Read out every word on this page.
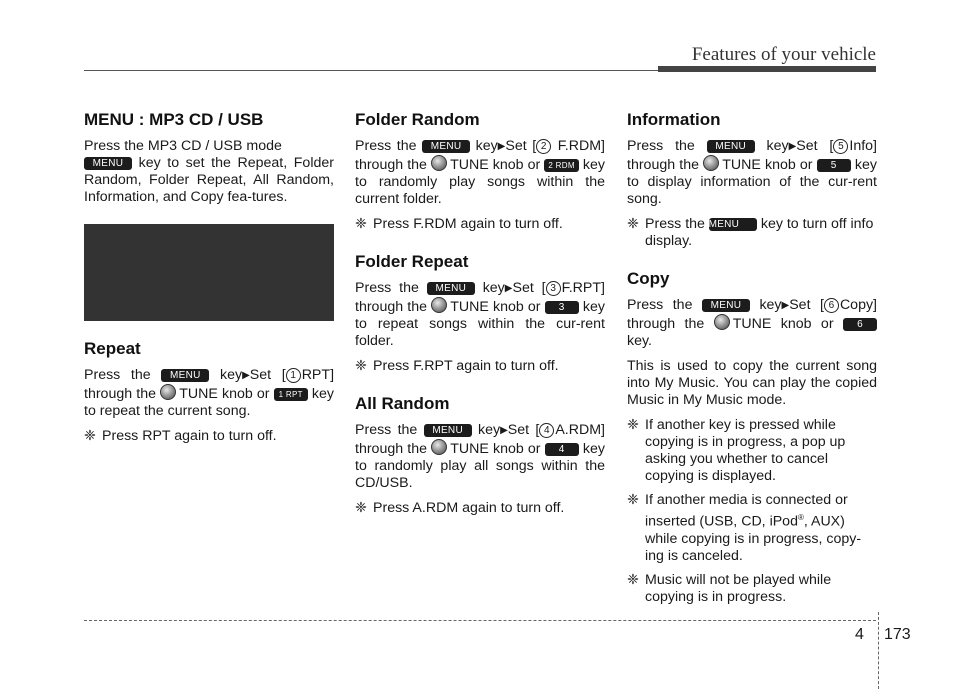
Features of your vehicle
MENU : MP3 CD / USB

Press the MP3 CD / USB mode
MENU key to set the Repeat, Folder Random, Folder Repeat, All Random, Information, and Copy fea-tures.

Repeat

Press the MENU key▶Set [ 1 RPT] through the TUNE knob or 1 RPT key to repeat the current song.

❈ Press RPT again to turn off.

Folder Random

Press the MENU key▶Set [ 2 F.RDM] through the TUNE knob or 2 RDM key to randomly play songs within the current folder.

❈ Press F.RDM again to turn off.

Folder Repeat

Press the MENU key▶Set [ 3 F.RPT] through the TUNE knob or 3 key to repeat songs within the cur-rent folder.

❈ Press F.RPT again to turn off.

All Random

Press the MENU key▶Set [ 4 A.RDM] through the TUNE knob or 4 key to randomly play all songs within the CD/USB.

❈ Press A.RDM again to turn off.

Information

Press the MENU key▶Set [ 5 Info] through the TUNE knob or 5 key to display information of the cur-rent song.

❈ Press the MENU key to turn off info display.

Copy

Press the MENU key▶Set [ 6 Copy] through the TUNE knob or 6 key.

This is used to copy the current song into My Music. You can play the copied Music in My Music mode.

❈ If another key is pressed while copying is in progress, a pop up asking you whether to cancel copying is displayed.

❈ If another media is connected or inserted (USB, CD, iPod®, AUX) while copying is in progress, copy-ing is canceled.

❈ Music will not be played while copying is in progress.

4 173
